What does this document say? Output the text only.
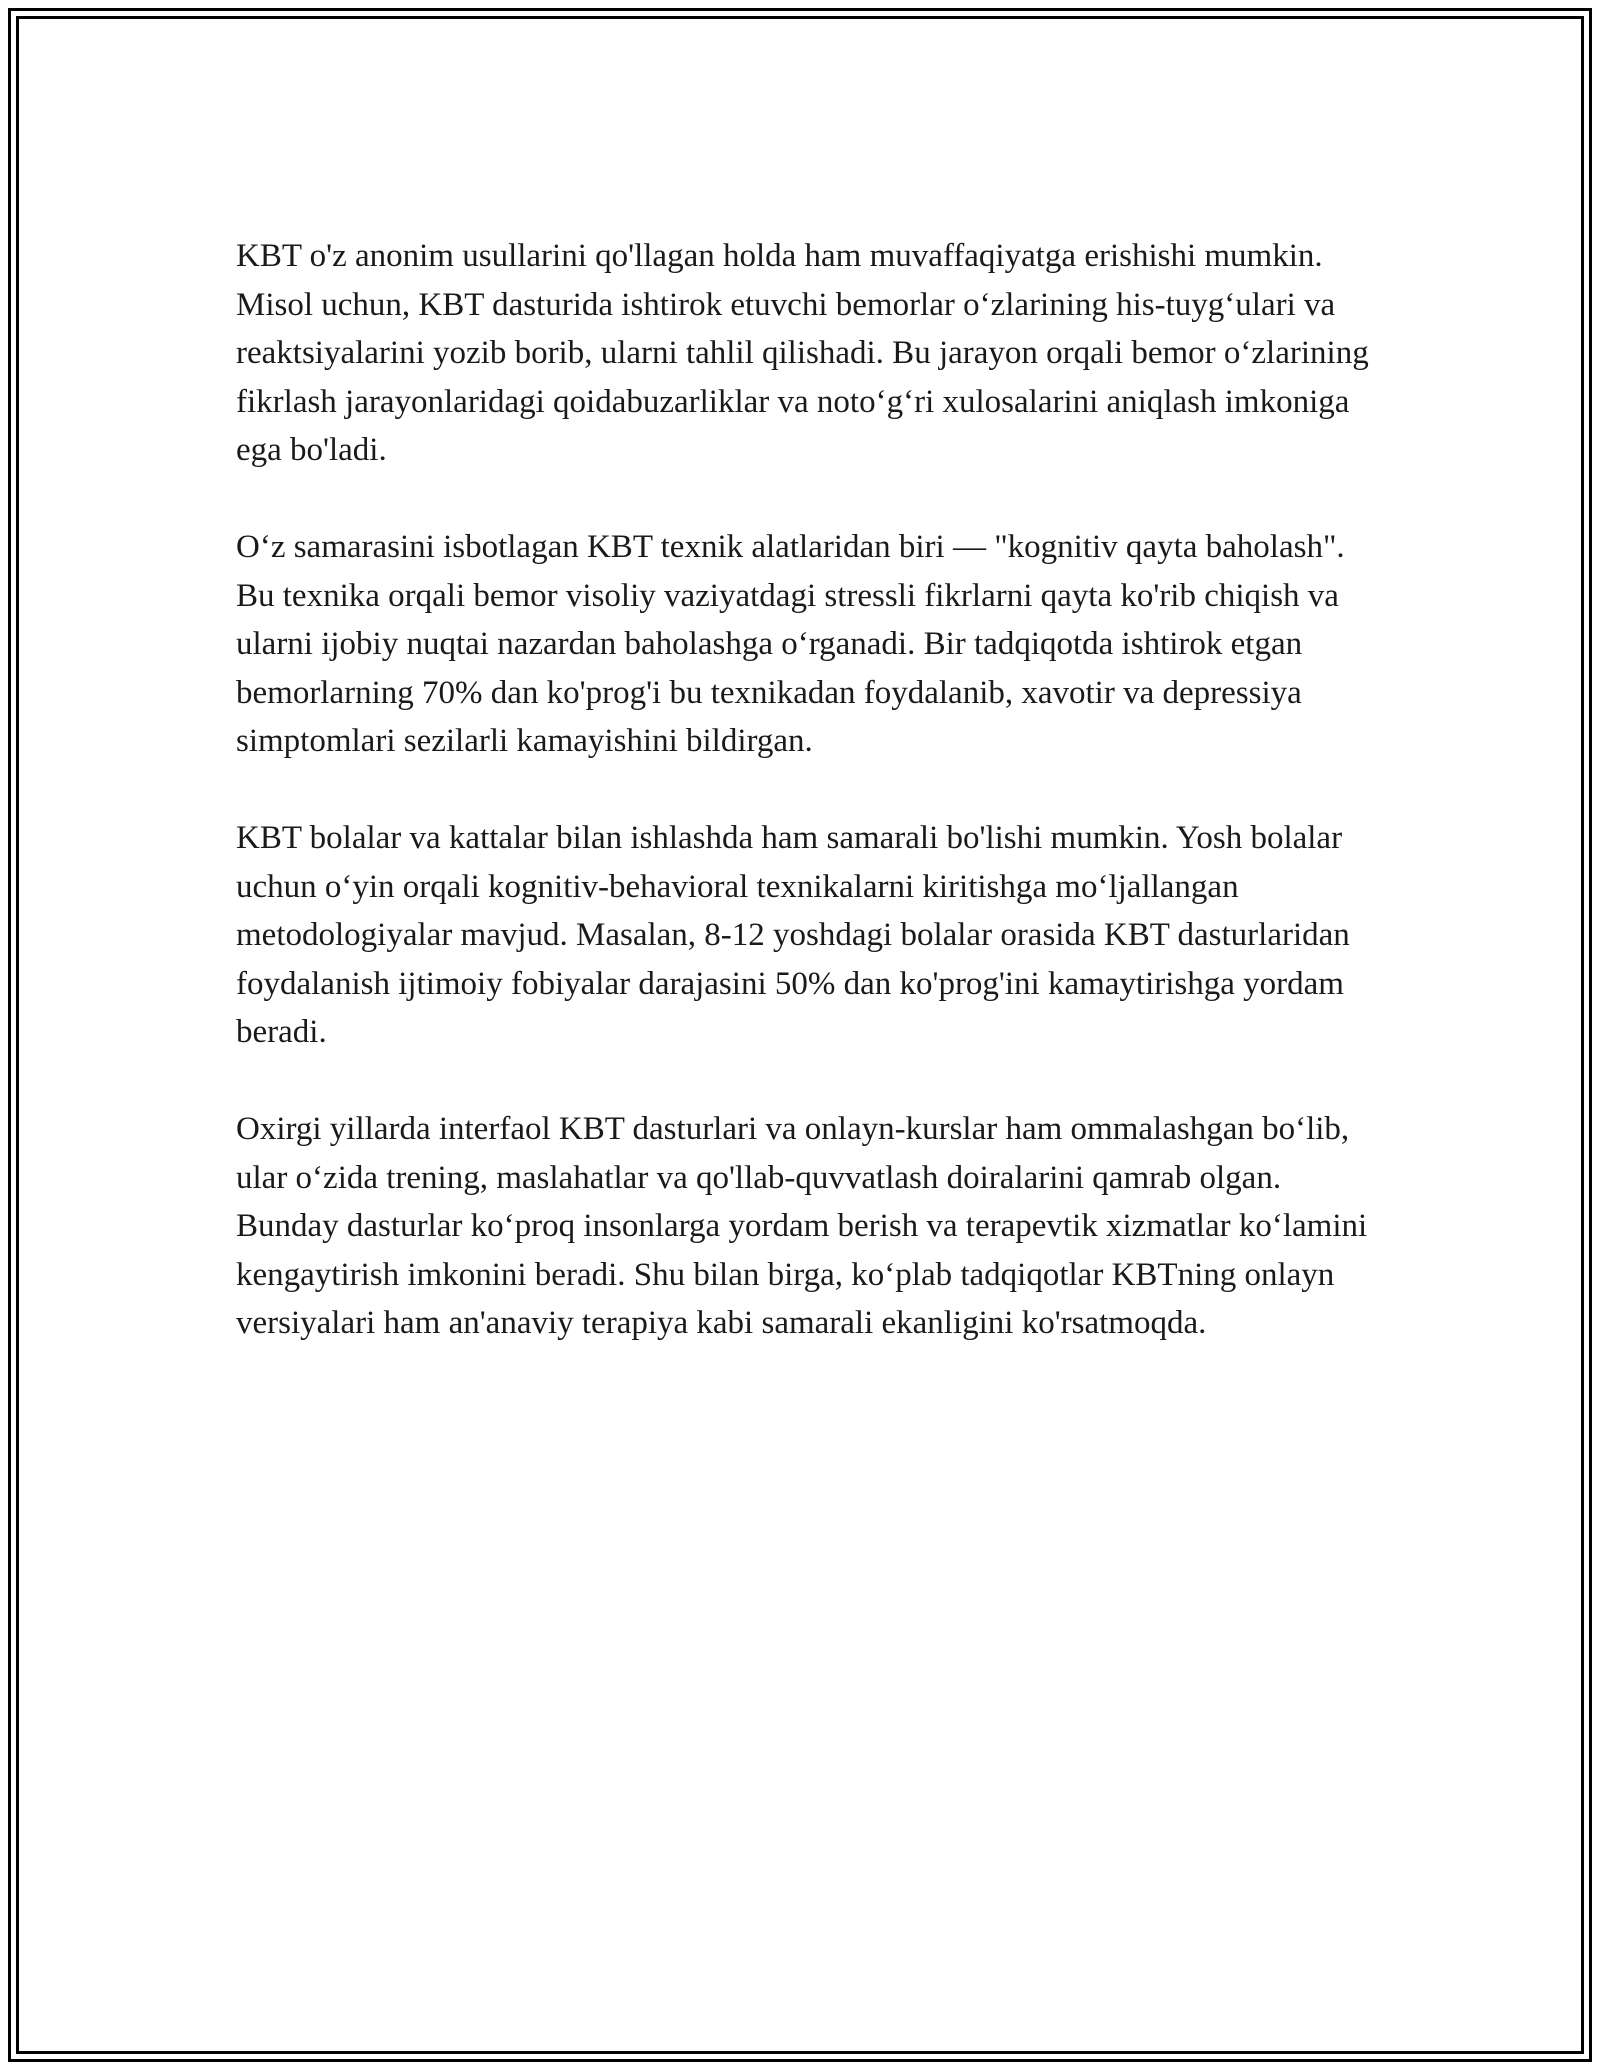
KBT o'z anonim usullarini qo'llagan holda ham muvaffaqiyatga erishishi mumkin. Misol uchun, KBT dasturida ishtirok etuvchi bemorlar o‘zlarining his-tuyg‘ulari va reaktsiyalarini yozib borib, ularni tahlil qilishadi. Bu jarayon orqali bemor o‘zlarining fikrlash jarayonlaridagi qoidabuzarliklar va noto‘g‘ri xulosalarini aniqlash imkoniga ega bo'ladi.

O‘z samarasini isbotlagan KBT texnik alatlaridan biri — "kognitiv qayta baholash". Bu texnika orqali bemor visoliy vaziyatdagi stressli fikrlarni qayta ko'rib chiqish va ularni ijobiy nuqtai nazardan baholashga o‘rganadi. Bir tadqiqotda ishtirok etgan bemorlarning 70% dan ko'prog'i bu texnikadan foydalanib, xavotir va depressiya simptomlari sezilarli kamayishini bildirgan.

KBT bolalar va kattalar bilan ishlashda ham samarali bo'lishi mumkin. Yosh bolalar uchun o‘yin orqali kognitiv-behavioral texnikalarni kiritishga mo‘ljallangan metodologiyalar mavjud. Masalan, 8-12 yoshdagi bolalar orasida KBT dasturlaridan foydalanish ijtimoiy fobiyalar darajasini 50% dan ko'prog'ini kamaytirishga yordam beradi.

Oxirgi yillarda interfaol KBT dasturlari va onlayn-kurslar ham ommalashgan bo‘lib, ular o‘zida trening, maslahatlar va qo'llab-quvvatlash doiralarini qamrab olgan. Bunday dasturlar ko‘proq insonlarga yordam berish va terapevtik xizmatlar ko‘lamini kengaytirish imkonini beradi. Shu bilan birga, ko‘plab tadqiqotlar KBTning onlayn versiyalari ham an'anaviy terapiya kabi samarali ekanligini ko'rsatmoqda.
